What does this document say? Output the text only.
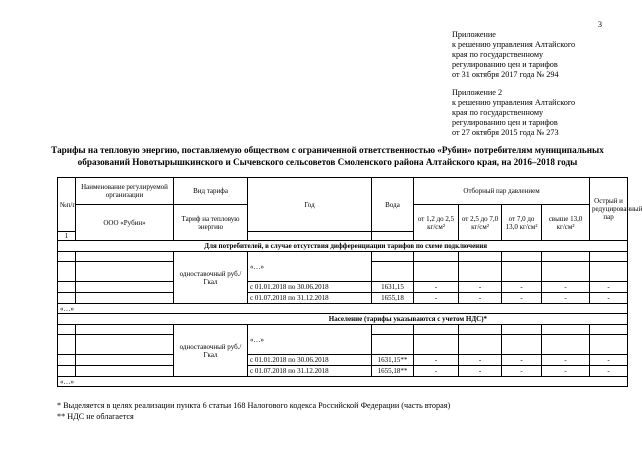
3
Приложение
к решению управления Алтайского
края по государственному
регулированию цен и тарифов
от 31 октября 2017 года № 294
Приложение 2
к решению управления Алтайского
края по государственному
регулированию цен и тарифов
от 27 октября 2015 года № 273
Тарифы на тепловую энергию, поставляемую обществом с ограниченной ответственностью «Рубин» потребителям муниципальных
образований Новотырышкинского и Сычевского сельсоветов Смоленского района Алтайского края, на 2016–2018 годы
№п/п	Наименование регулируемой организации	Вид тарифа	Год	Вода	Отборный пар давлением				Острый и редуцированный пар
	ООО «Рубин»	Тариф на тепловую энергию			от 1,2 до 2,5 кг/см²	от 2,5 до 7,0 кг/см²	от 7,0 до 13,0 кг/см²	свыше 13,0 кг/см²	
1									
Для потребителей, в случае отсутствия дифференциации тарифов по схеме подключения									
		одноставочный руб./Гкал	«…»						

			с 01.01.2018 по 30.06.2018	1631,15	-	-	-	-	-
			с 01.07.2018 по 31.12.2018	1655,18	-	-	-	-	-
«…»									
Население (тарифы указываются с учетом НДС)*									
		одноставочный руб./Гкал	«…»						

			с 01.01.2018 по 30.06.2018	1631,15**	-	-	-	-	-
			с 01.07.2018 по 31.12.2018	1655,18**	-	-	-	-	-
«…»									
* Выделяется в целях реализации пункта 6 статьи 168 Налогового кодекса Российской Федерации (часть вторая)
** НДС не облагается
